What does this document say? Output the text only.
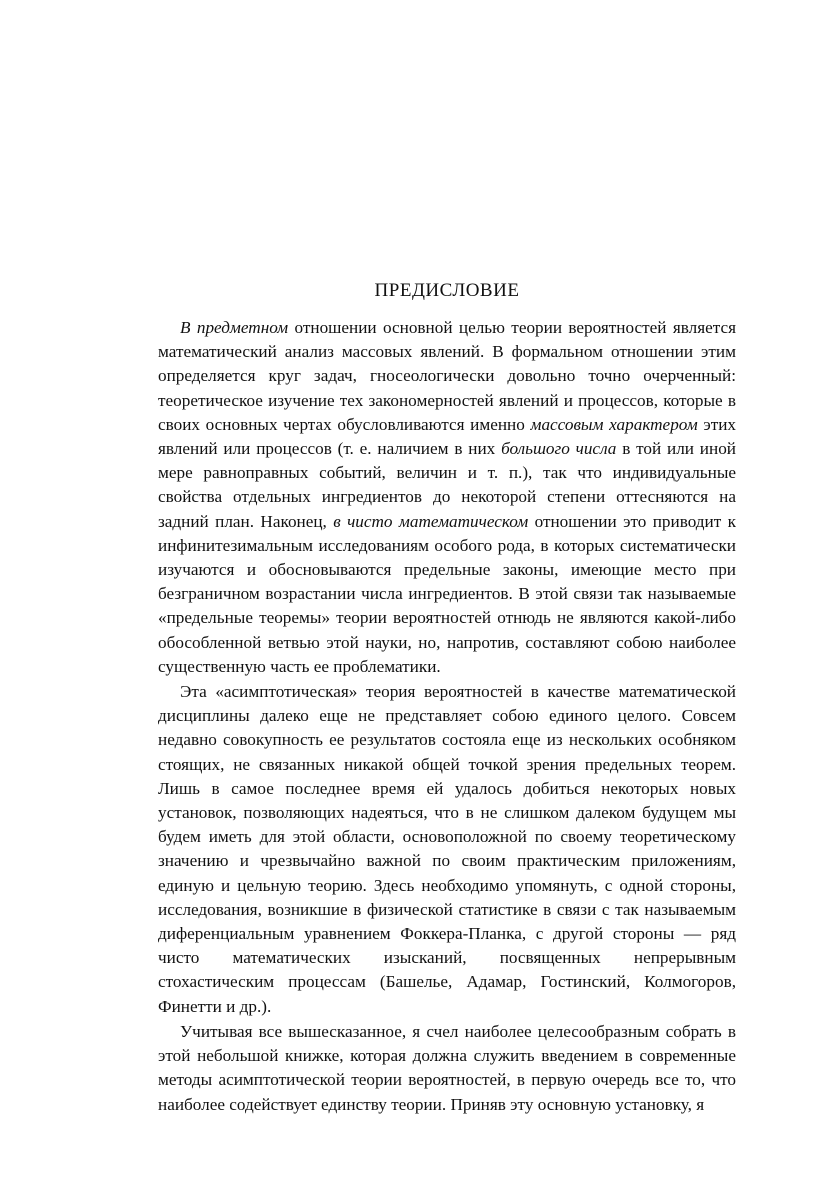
ПРЕДИСЛОВИЕ

В предметном отношении основной целью теории вероятностей является математический анализ массовых явлений. В формальном отношении этим определяется круг задач, гносеологически довольно точно очерченный: теоретическое изучение тех закономерностей явлений и процессов, которые в своих основных чертах обусловливаются именно массовым характером этих явлений или процессов (т. е. наличием в них большого числа в той или иной мере равноправных событий, величин и т. п.), так что индивидуальные свойства отдельных ингредиентов до некоторой степени оттесняются на задний план. Наконец, в чисто математическом отношении это приводит к инфинитезимальным исследованиям особого рода, в которых систематически изучаются и обосновываются предельные законы, имеющие место при безграничном возрастании числа ингредиентов. В этой связи так называемые «предельные теоремы» теории вероятностей отнюдь не являются какой-либо обособленной ветвью этой науки, но, напротив, составляют собою наиболее существенную часть ее проблематики.

Эта «асимптотическая» теория вероятностей в качестве математической дисциплины далеко еще не представляет собою единого целого. Совсем недавно совокупность ее результатов состояла еще из нескольких особняком стоящих, не связанных никакой общей точкой зрения предельных теорем. Лишь в самое последнее время ей удалось добиться некоторых новых установок, позволяющих надеяться, что в не слишком далеком будущем мы будем иметь для этой области, основоположной по своему теоретическому значению и чрезвычайно важной по своим практическим приложениям, единую и цельную теорию. Здесь необходимо упомянуть, с одной стороны, исследования, возникшие в физической статистике в связи с так называемым диференциальным уравнением Фоккера-Планка, с другой стороны — ряд чисто математических изысканий, посвященных непрерывным стохастическим процессам (Башелье, Адамар, Гостинский, Колмогоров, Финетти и др.).

Учитывая все вышесказанное, я счел наиболее целесообразным собрать в этой небольшой книжке, которая должна служить введением в современные методы асимптотической теории вероятностей, в первую очередь все то, что наиболее содействует единству теории. Приняв эту основную установку, я
